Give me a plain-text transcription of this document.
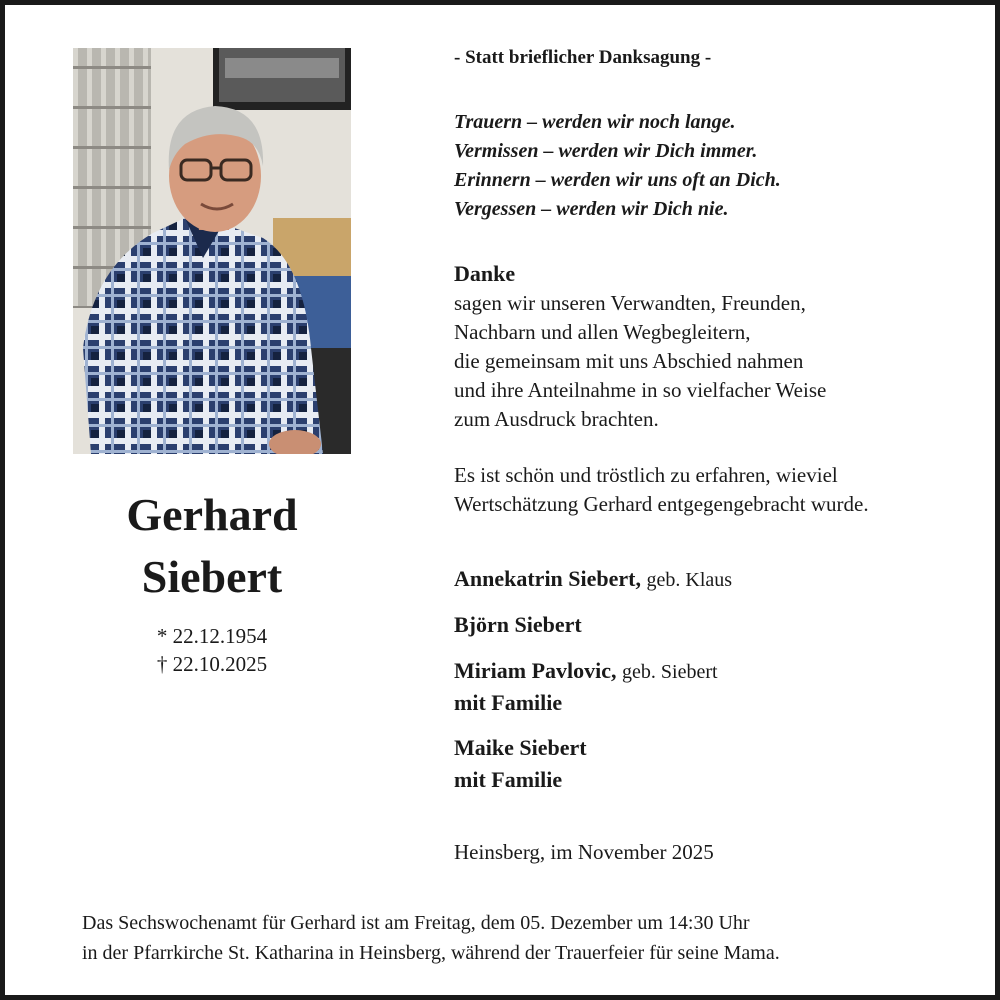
Gerhard
Siebert
* 22.12.1954
† 22.10.2025
- Statt brieflicher Danksagung -
Trauern – werden wir noch lange.
Vermissen – werden wir Dich immer.
Erinnern – werden wir uns oft an Dich.
Vergessen – werden wir Dich nie.
Danke
sagen wir unseren Verwandten, Freunden,
Nachbarn und allen Wegbegleitern,
die gemeinsam mit uns Abschied nahmen
und ihre Anteilnahme in so vielfacher Weise
zum Ausdruck brachten.
Es ist schön und tröstlich zu erfahren, wieviel
Wertschätzung Gerhard entgegengebracht wurde.
Annekatrin Siebert, geb. Klaus
Björn Siebert
Miriam Pavlovic, geb. Siebert
mit Familie
Maike Siebert
mit Familie
Heinsberg, im November 2025
Das Sechswochenamt für Gerhard ist am Freitag, dem 05. Dezember um 14:30 Uhr
in der Pfarrkirche St. Katharina in Heinsberg, während der Trauerfeier für seine Mama.
